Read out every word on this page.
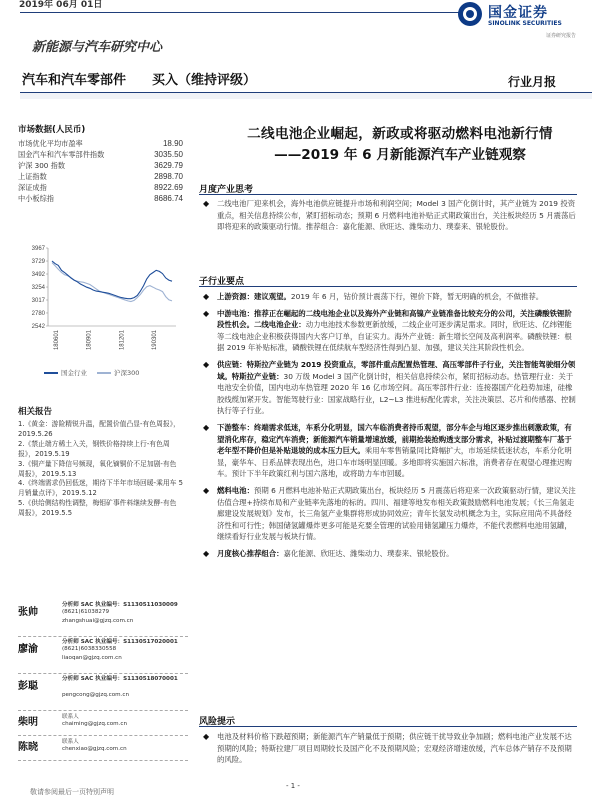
2019年 06月 01日
新能源与汽车研究中心
国金证券
SINOLINK SECURITIES
证券研究报告
汽车和汽车零部件 买入（维持评级）	行业月报
市场数据(人民币)
市场优化平均市盈率	18.90
国金汽车和汽车零部件指数	3035.50
沪深 300 指数	3629.79
上证指数	2898.70
深证成指	8922.69
中小板综指	8686.74
3967
3729
3492
3254
3017
2780
2542
180601	180901	181201	190301
国金行业	沪深300
相关报告
1.《黄金：游险精锐升温，配置价值凸显-有色周报》，2019.5.26
2.《禁止端方稀土入关，钢铁价格持续上行-有色周报》，2019.5.19
3.《铜产量下降信号频现，氧化镝铜价不足加剧-有色周报》，2019.5.13
4.《终端需求仍回低迷，期待下半年市场回暖-乘用车 5 月销量点评》，2019.5.12
5.《供给侧结构性调整，梅钼矿事件料继续发酵-有色周报》，2019.5.5
张帅
分析师 SAC 执业编号：S1130511030009
(8621)61038279
zhangshuai@gjzq.com.cn
廖渝
分析师 SAC 执业编号：S1130517020001
(8621)6038330558
liaoqan@gjzq.com.cn
彭聪
分析师 SAC 执业编号：S1130518070001
pengcong@gjzq.com.cn
柴明	联系人
chaiming@gjzq.com.cn
陈晓	联系人
chenxiao@gjzq.com.cn
二线电池企业崛起，新政或将驱动燃料电池新行情
——2019 年 6 月新能源汽车产业链观察
月度产业思考
◆ 二线电池厂迎来机会，海外电池供应链提升市场和利润空间；Model 3 国产化倒计时，其产业链为 2019 投资重点，相关信息持续公布，紧盯招标动态；预期 6 月燃料电池补贴正式期政策出台，关注板块经历 5 月震荡后即将迎来的政策驱动行情。推荐组合：嘉化能源、欣旺达、潍柴动力、璞泰来、银轮股份。
子行业要点
◆ 上游资源：建议观望。2019 年 6 月，钴价预计震荡下行，锂价下降，暂无明确的机会，不做推荐。
◆ 中游电池：推荐正在崛起的二线电池企业以及海外产业链和高镍产业链准备比较充分的公司，关注磷酸铁锂阶段性机会。二线电池企业：动力电池技术参数更新放缓，二线企业可逐步满足需求。同时，欣旺达、亿纬锂能等二线电池企业积极获得国内大客户订单，自证实力。海外产业链：新生增长空间及高利润率。磷酸铁锂：根据 2019 年补贴标准，磷酸铁锂在低续航车型经济性得到凸显、加强，建议关注其阶段性机会。
◆ 供应链：特斯拉产业链为 2019 投资重点，零部件重点配置热管理、高压零部件子行业，关注智能驾驶细分领域。特斯拉产业链：30 万级 Model 3 国产化倒计时，相关信息持续公布，紧盯招标动态。热管理行业：关于电池安全价值，国内电动车热管理 2020 年 16 亿市场空间。高压零部件行业：连接器国产化趋势加速，硅橡胶线缆加紧开发。智能驾驶行业：国家战略行业，L2~L3 推进标配化需求，关注决策层、芯片和传感器、控制执行等子行业。
◆ 下游整车：终端需求低迷，车系分化明显，国六车临消费者持币观望，部分车企与地区逐步推出刺激政策，有望消化库存，稳定汽车消费；新能源汽车销量增速放缓，前期抢装抢购透支部分需求，补贴过渡期整车厂基于老年型不降价但是补贴退坡的成本压力巨大。乘用车零售销量同比降幅扩大，市场延续低迷状态，车系分化明显，豪华车、日系品牌表现出色，进口车市场明显回暖。多地即将实施国六标准，消费者存在观望心理推迟购车。预计下半年政策红利与国六落地，或将助力车市回暖。
◆ 燃料电池：预期 6 月燃料电池补贴正式期政策出台，板块经历 5 月震荡后将迎来一次政策驱动行情，建议关注估值合理+持续布局和产业链率先落地的标的。四川、福建等地发布相关政策鼓励燃料电池发展；《长三角氢走廊建设发展规划》发布，长三角氢产业集群将形成协同效应；青年长氢发动机概念为主，实际应用尚不具备经济性和可行性；韩国储氢罐爆炸更多可能是充要全管理的试验用储氢罐压力爆炸，不能代表燃料电池用氢罐，继续看好行业发展与板块行情。
◆ 月度核心推荐组合：嘉化能源、欣旺达、潍柴动力、璞泰来、银轮股份。
风险提示
◆ 电池及材料价格下跌超预期；新能源汽车产销量低于预期；供应链干扰导致业争加剧；燃料电池产业发展不达预期的风险；特斯拉建厂项目周期较长及国产化不及预期风险；宏观经济增速放缓，汽车总体产销存不及预期的风险。
- 1 -
敬请参阅最后一页特别声明
